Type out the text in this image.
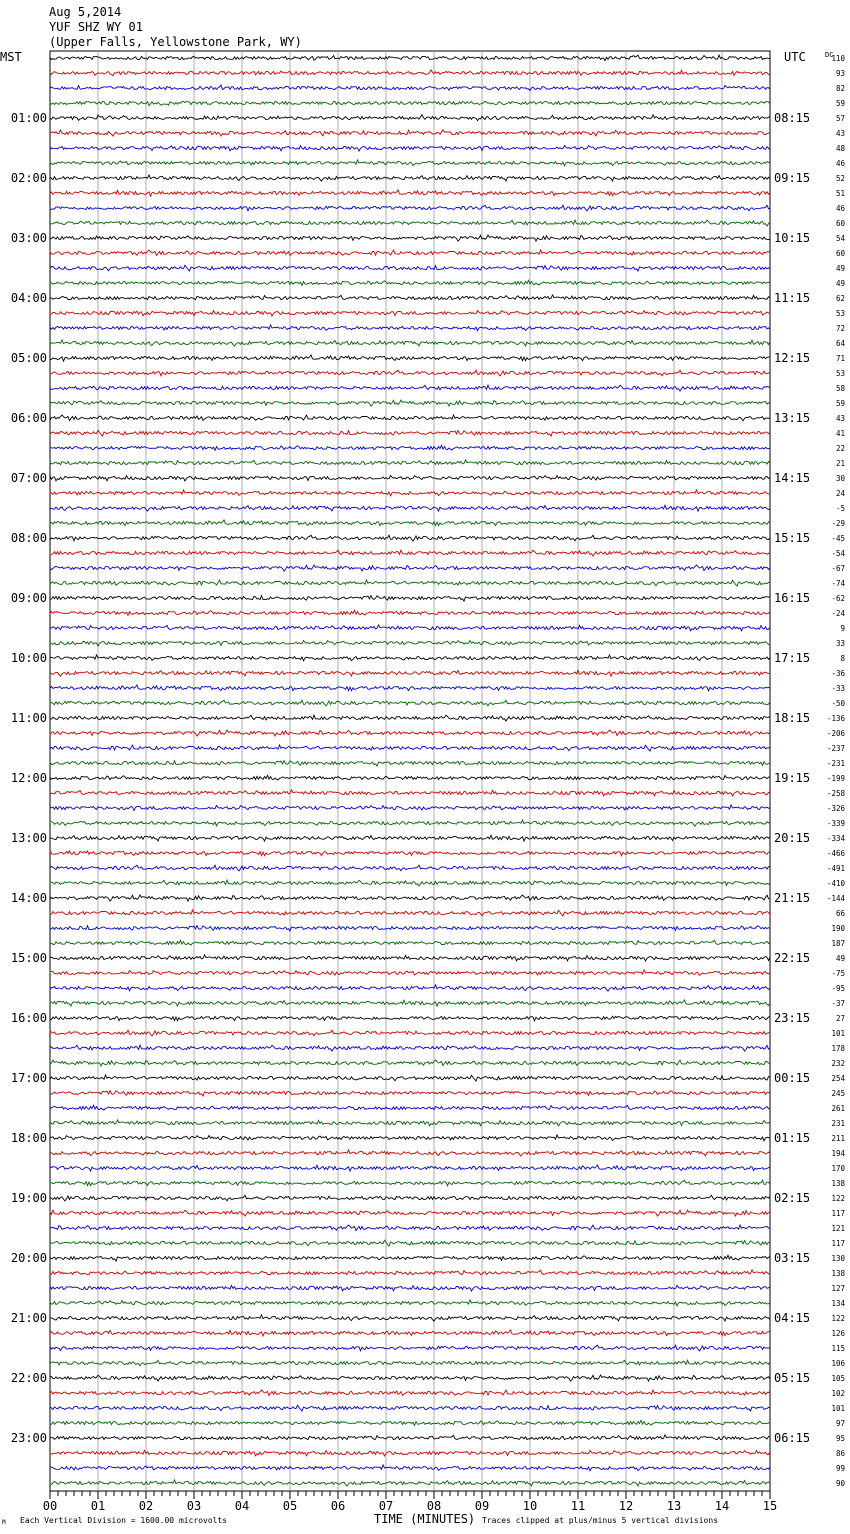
Aug 5,2014
YUF SHZ WY 01
(Upper Falls, Yellowstone Park, WY)
MST	UTC	DC
01:00
02:00
03:00
04:00
05:00
06:00
07:00
08:00
09:00
10:00
11:00
12:00
13:00
14:00
15:00
16:00
17:00
18:00
19:00
20:00
21:00
22:00
23:00
08:15
09:15
10:15
11:15
12:15
13:15
14:15
15:15
16:15
17:15
18:15
19:15
20:15
21:15
22:15
23:15
00:15
01:15
02:15
03:15
04:15
05:15
06:15
110
93
82
59
57
43
48
46
52
51
46
60
54
60
49
49
62
53
72
64
71
53
58
59
43
41
22
21
30
24
-5
-29
-45
-54
-67
-74
-62
-24
9
33
8
-36
-33
-50
-136
-206
-237
-231
-199
-258
-326
-339
-334
-466
-491
-410
-144
66
190
187
49
-75
-95
-37
27
101
178
232
254
245
261
231
211
194
170
138
122
117
121
117
130
138
127
134
122
126
115
106
105
102
101
97
95
86
99
90
00	01	02	03	04	05	06	07	08	09	10	11	12	13	14	15
M Each Vertical Division = 1600.00 microvolts	TIME (MINUTES) Traces clipped at plus/minus 5 vertical divisions
